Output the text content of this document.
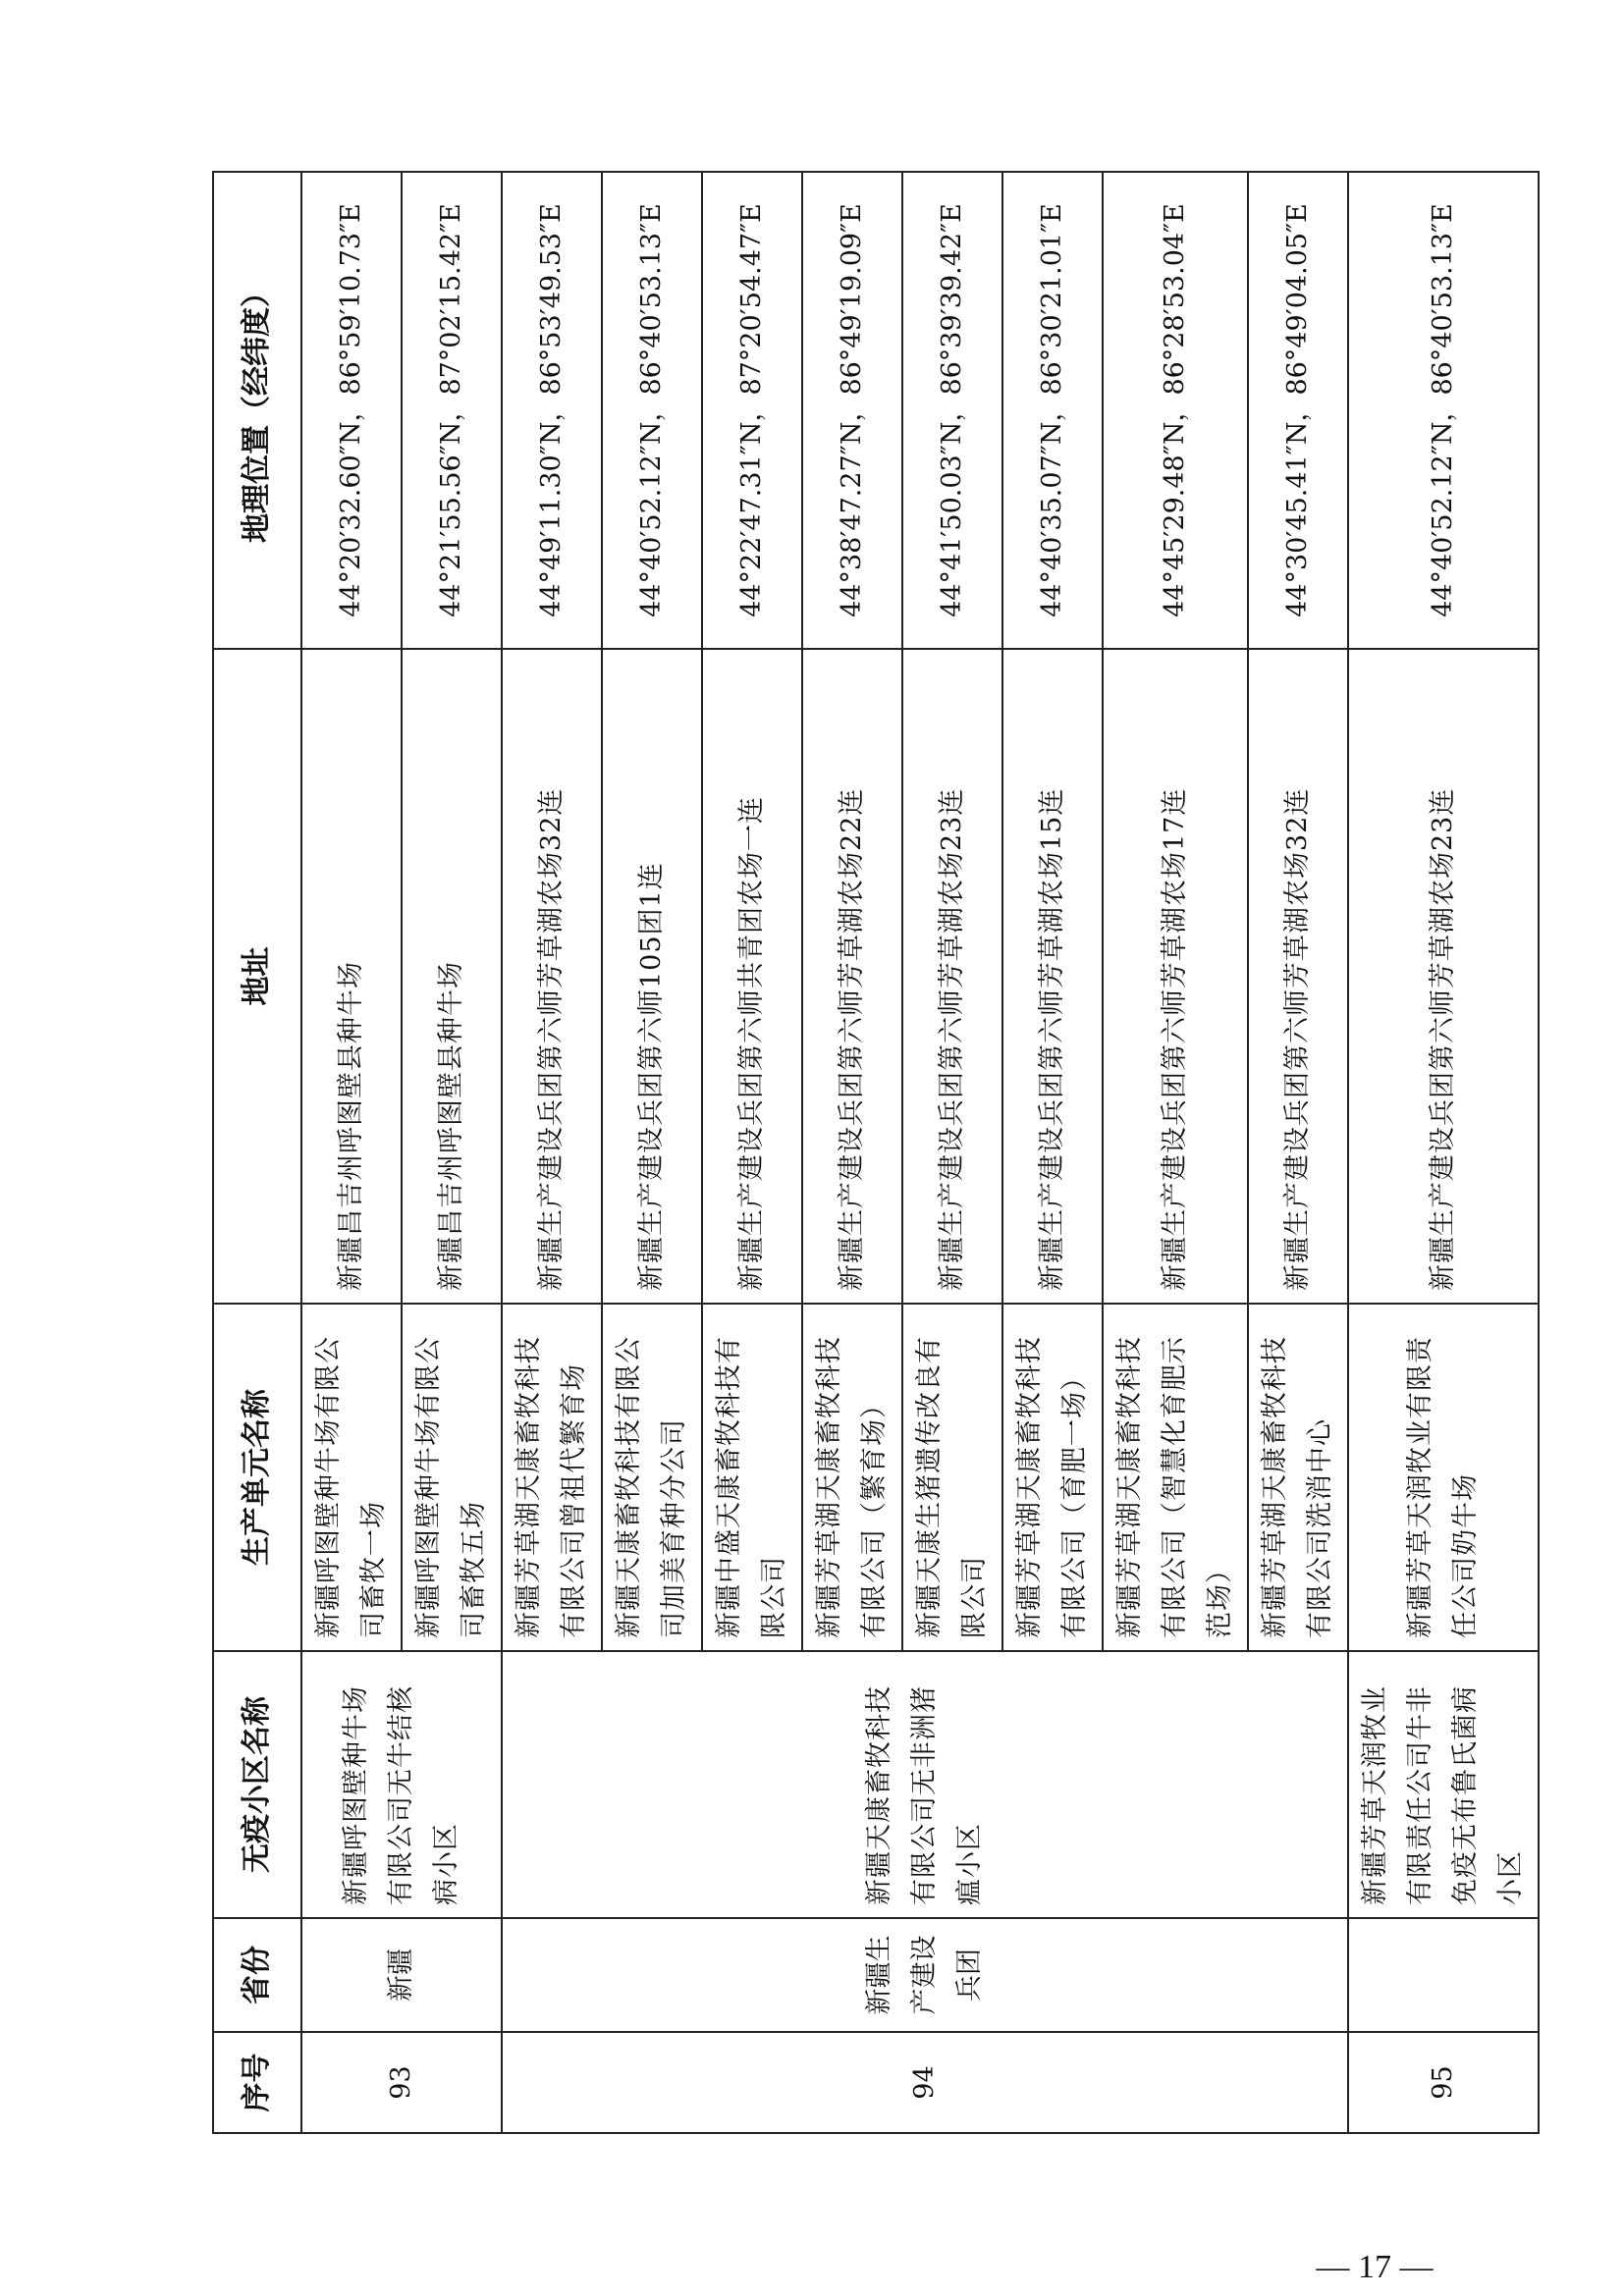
序号	省份	无疫小区名称	生产单元名称	地址	地理位置（经纬度）
93	新疆	新疆呼图壁种牛场有限公司无牛结核病小区	新疆呼图壁种牛场有限公司畜牧一场	新疆昌吉州呼图壁县种牛场	44°20′32.60″N，86°59′10.73″E
			新疆呼图壁种牛场有限公司畜牧五场	新疆昌吉州呼图壁县种牛场	44°21′55.56″N，87°02′15.42″E
94	新疆生产建设兵团	新疆天康畜牧科技有限公司无非洲猪瘟小区	新疆芳草湖天康畜牧科技有限公司曾祖代繁育场	新疆生产建设兵团第六师芳草湖农场32连	44°49′11.30″N，86°53′49.53″E
			新疆天康畜牧科技有限公司加美育种分公司	新疆生产建设兵团第六师105团1连	44°40′52.12″N，86°40′53.13″E
			新疆中盛天康畜牧科技有限公司	新疆生产建设兵团第六师共青团农场一连	44°22′47.31″N，87°20′54.47″E
			新疆芳草湖天康畜牧科技有限公司（繁育场）	新疆生产建设兵团第六师芳草湖农场22连	44°38′47.27″N，86°49′19.09″E
			新疆天康生猪遗传改良有限公司	新疆生产建设兵团第六师芳草湖农场23连	44°41′50.03″N，86°39′39.42″E
			新疆芳草湖天康畜牧科技有限公司（育肥一场）	新疆生产建设兵团第六师芳草湖农场15连	44°40′35.07″N，86°30′21.01″E
			新疆芳草湖天康畜牧科技有限公司（智慧化育肥示范场）	新疆生产建设兵团第六师芳草湖农场17连	44°45′29.48″N，86°28′53.04″E
			新疆芳草湖天康畜牧科技有限公司洗消中心	新疆生产建设兵团第六师芳草湖农场32连	44°30′45.41″N，86°49′04.05″E
95		新疆芳草天润牧业有限责任公司牛非免疫无布鲁氏菌病小区	新疆芳草天润牧业有限责任公司奶牛场	新疆生产建设兵团第六师芳草湖农场23连	44°40′52.12″N，86°40′53.13″E
— 17 —
